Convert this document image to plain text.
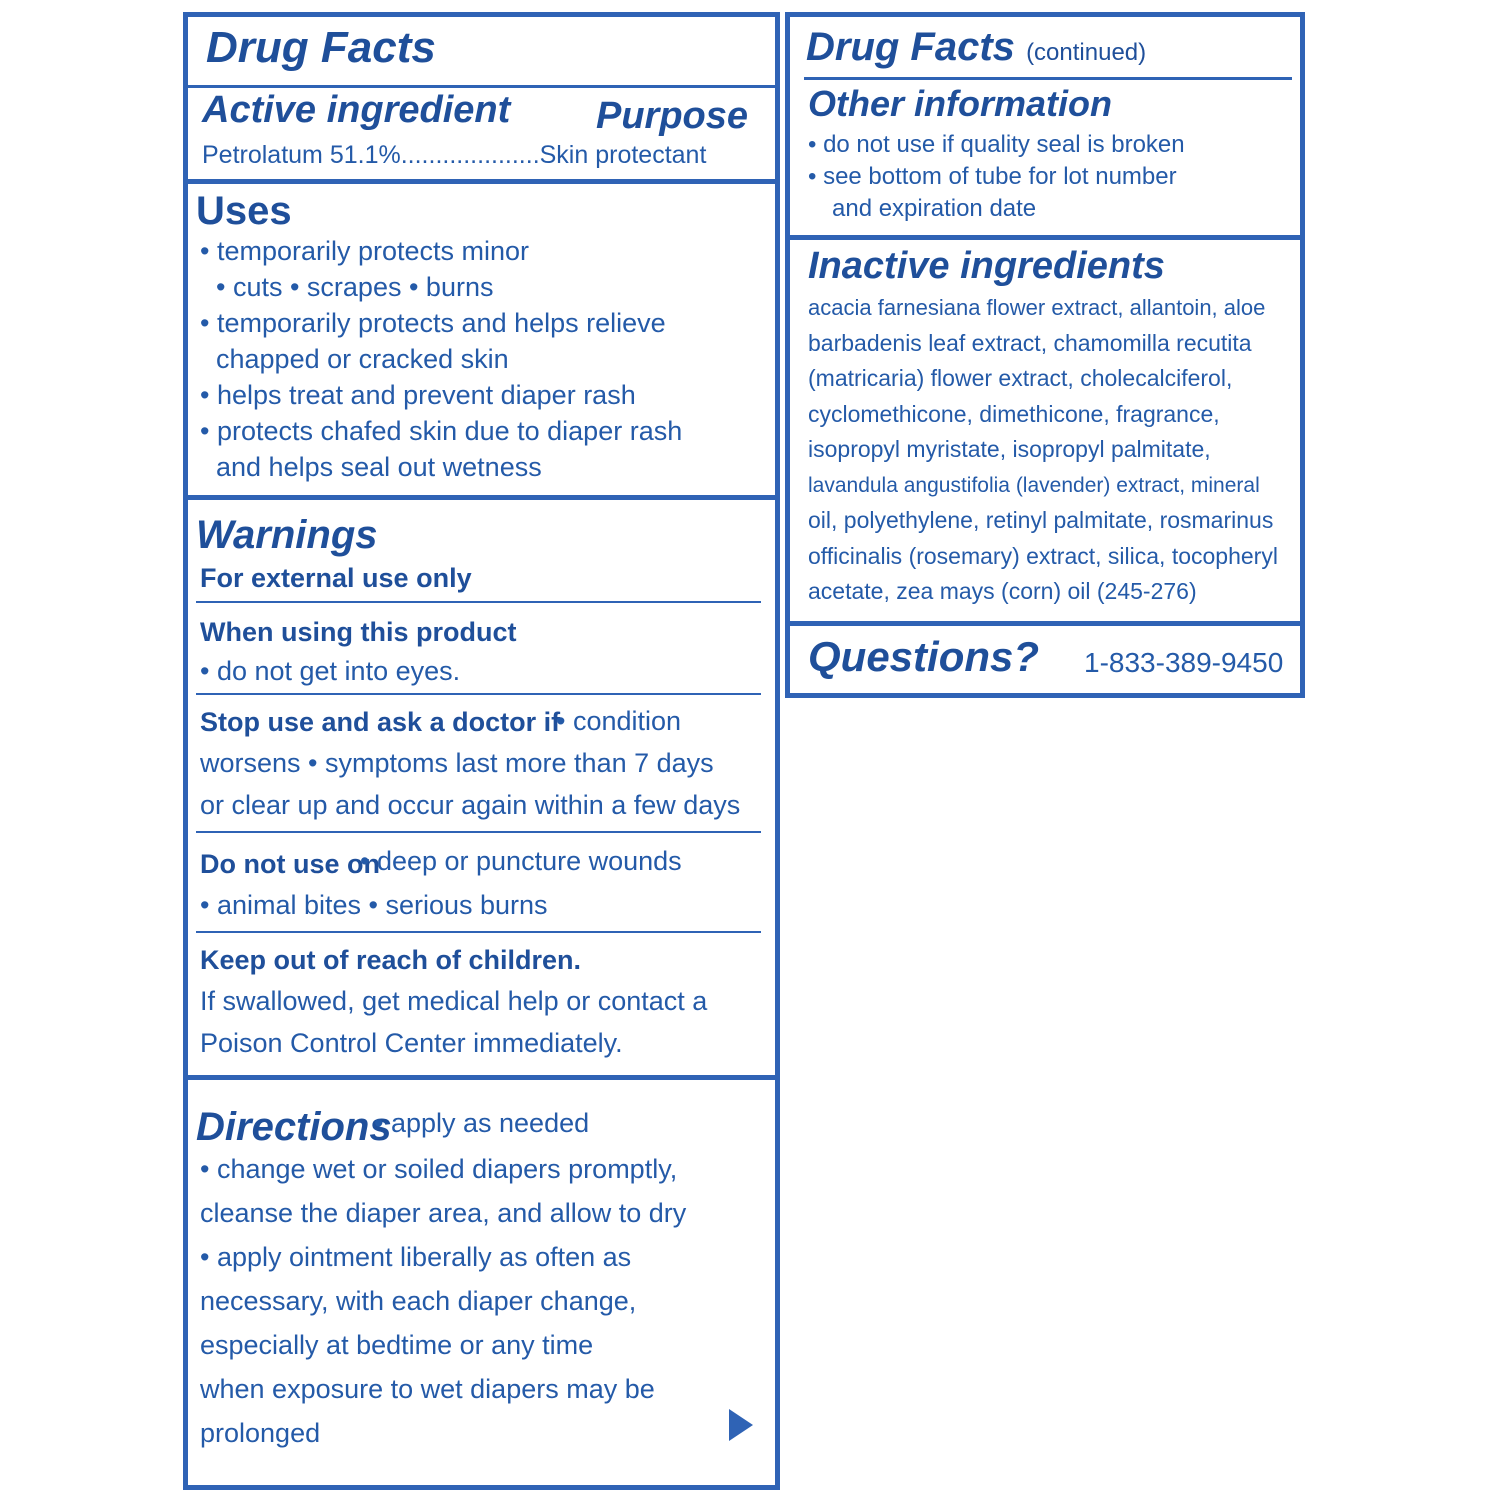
Drug Facts
Active ingredient Purpose
Petrolatum 51.1%....................Skin protectant
Uses
• temporarily protects minor
• cuts • scrapes • burns
• temporarily protects and helps relieve
chapped or cracked skin
• helps treat and prevent diaper rash
• protects chafed skin due to diaper rash
and helps seal out wetness
Warnings
For external use only
When using this product
• do not get into eyes.
Stop use and ask a doctor if
• condition
worsens • symptoms last more than 7 days
or clear up and occur again within a few days
Do not use on
• deep or puncture wounds
• animal bites • serious burns
Keep out of reach of children.
If swallowed, get medical help or contact a
Poison Control Center immediately.
Directions
• apply as needed
• change wet or soiled diapers promptly,
cleanse the diaper area, and allow to dry
• apply ointment liberally as often as
necessary, with each diaper change,
especially at bedtime or any time
when exposure to wet diapers may be
prolonged
Drug Facts (continued)
Other information
• do not use if quality seal is broken
• see bottom of tube for lot number
and expiration date
Inactive ingredients
acacia farnesiana flower extract, allantoin, aloe
barbadenis leaf extract, chamomilla recutita
(matricaria) flower extract, cholecalciferol,
cyclomethicone, dimethicone, fragrance,
isopropyl myristate, isopropyl palmitate,
lavandula angustifolia (lavender) extract, mineral
oil, polyethylene, retinyl palmitate, rosmarinus
officinalis (rosemary) extract, silica, tocopheryl
acetate, zea mays (corn) oil (245-276)
Questions? 1-833-389-9450
